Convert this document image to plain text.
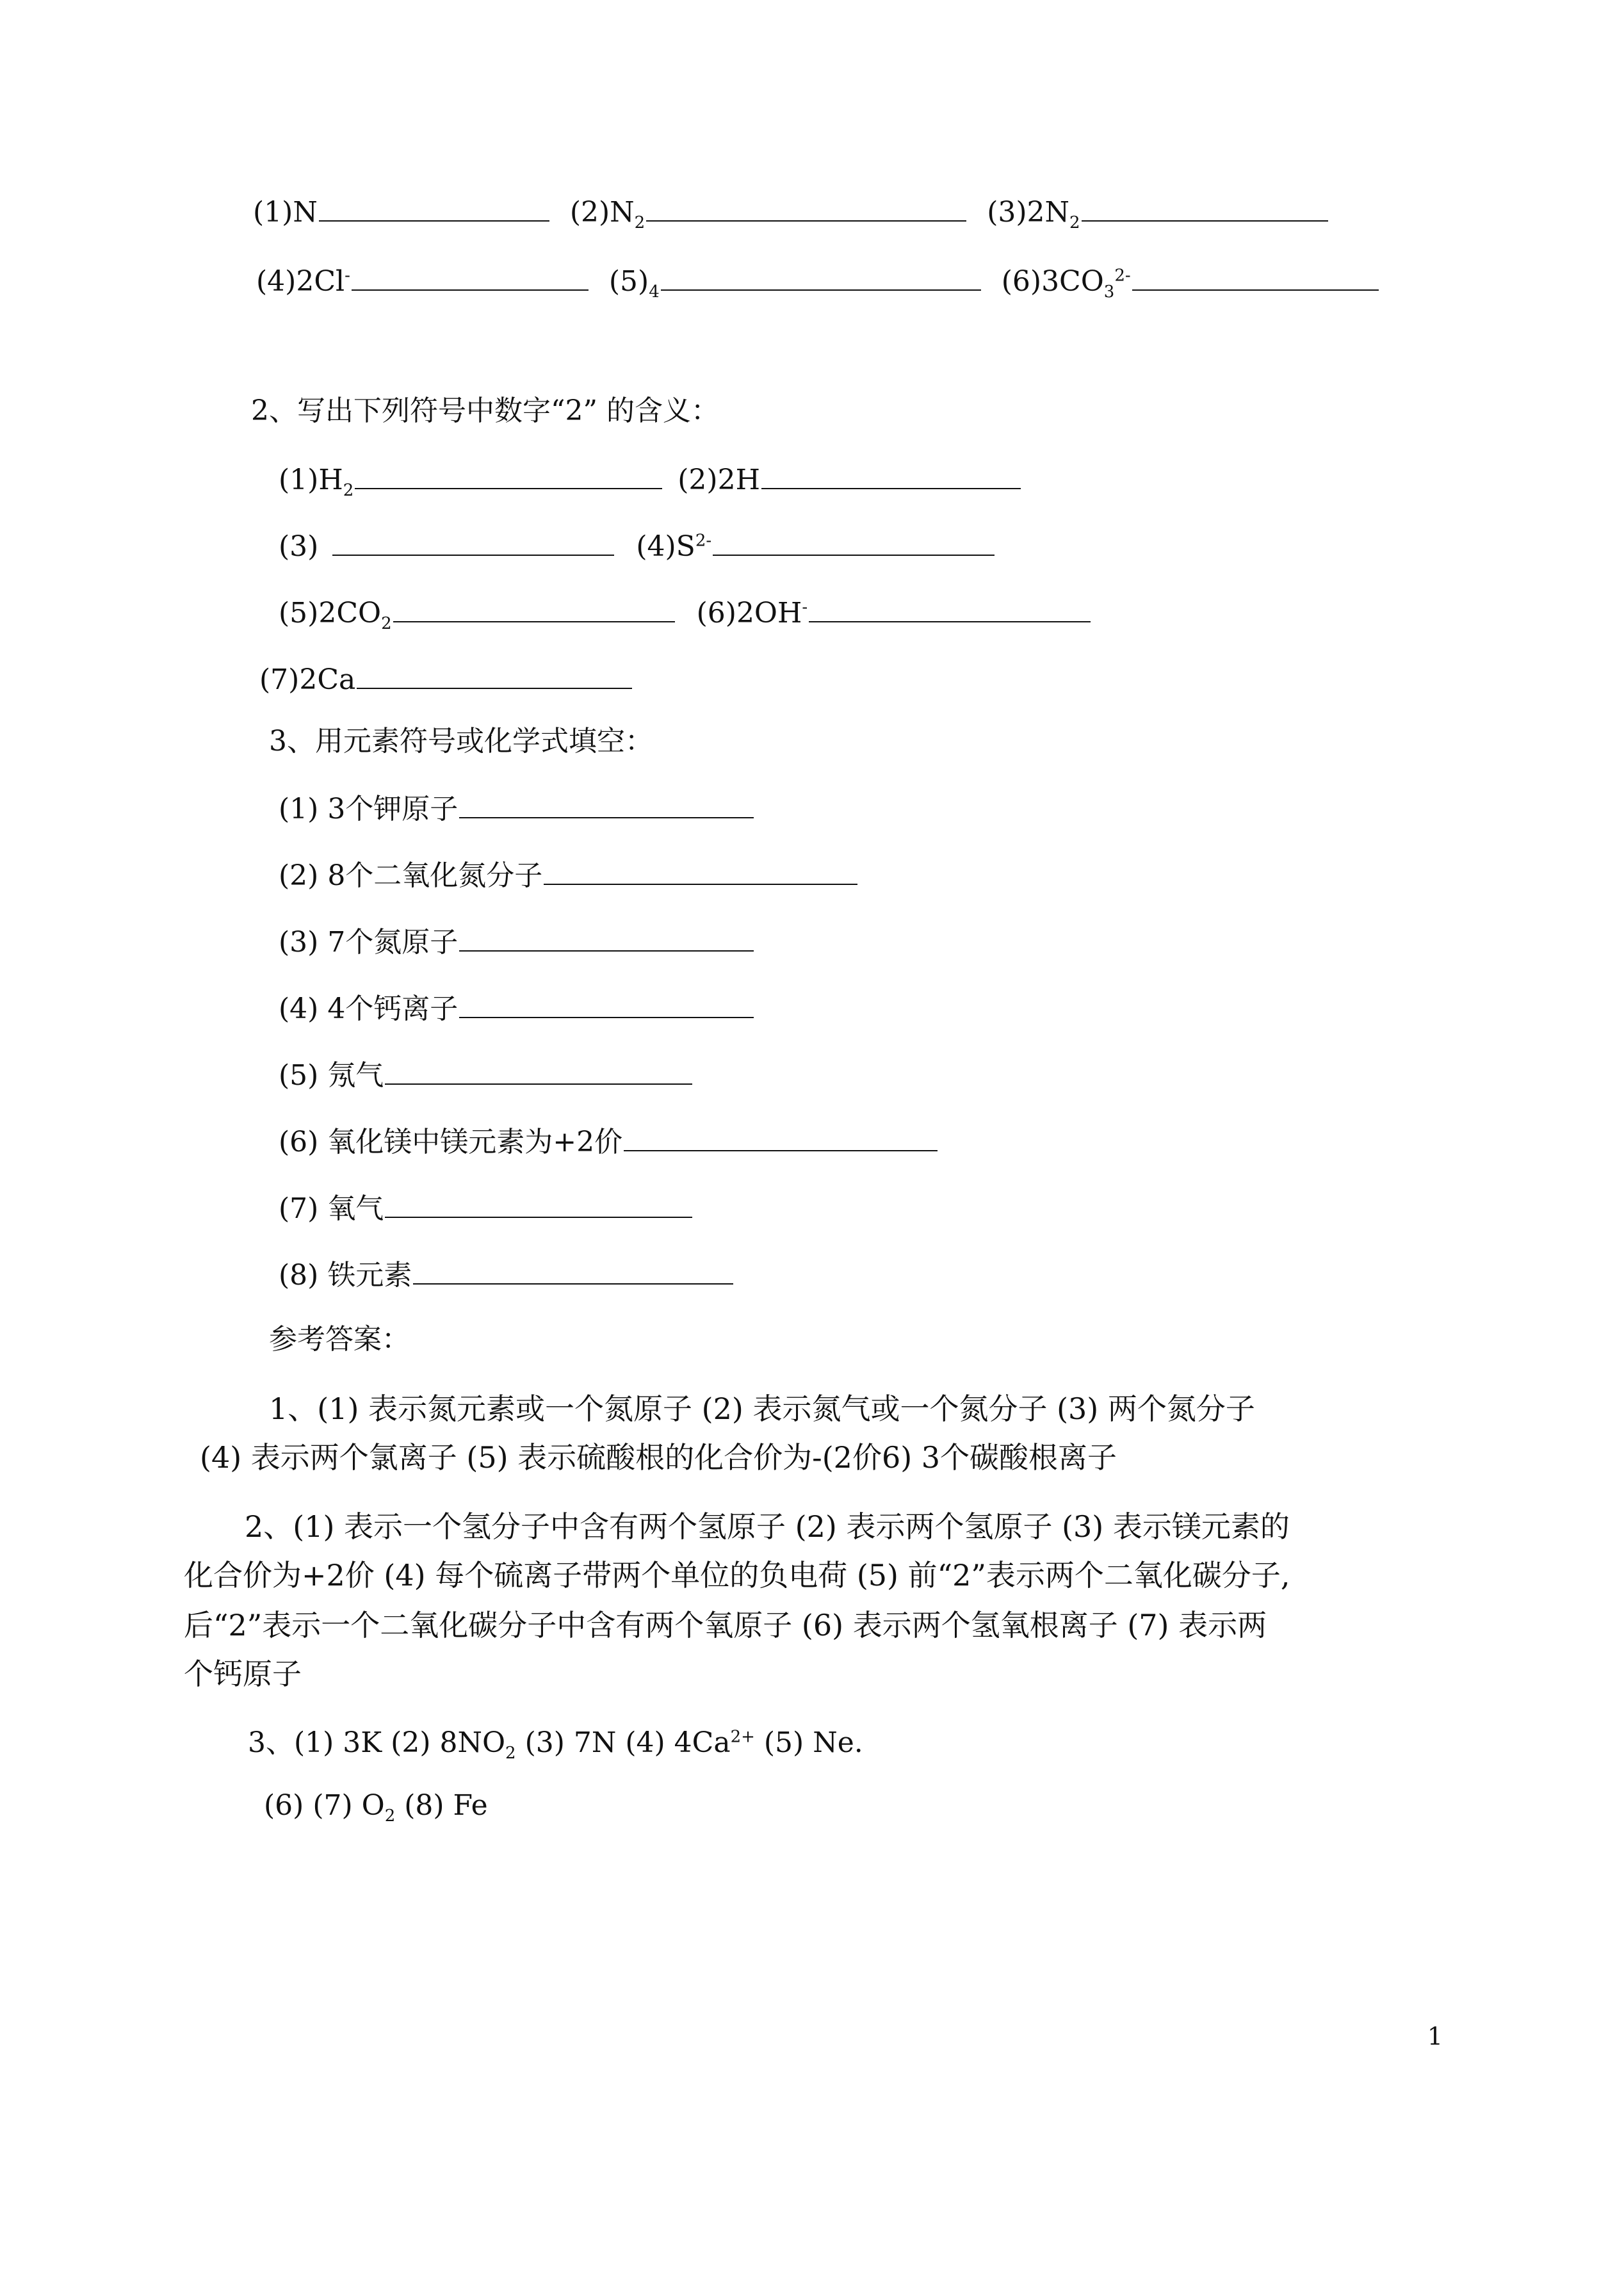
(1)N	$(2)N_2$	$(3)2N_2$
(4)2Cl-	$(5)_4$	$(6)3CO_3^{2-}$
2、写出下列符号中数字“2” 的含义：
$(1)H_2$	(2)2H
(3)	$(4)S^{2-}$
$(5)2CO_2$	(6)2OH-
(7)2Ca
3、用元素符号或化学式填空：
(1) 3个钾原子
(2) 8个二氧化氮分子
(3) 7个氮原子
(4) 4个钙离子
(5) 氖气
(6) 氧化镁中镁元素为+2价
(7) 氧气
(8) 铁元素
参考答案：
1、(1) 表示氮元素或一个氮原子 (2) 表示氮气或一个氮分子 (3) 两个氮分子
(4) 表示两个氯离子 (5) 表示硫酸根的化合价为-(2价6) 3个碳酸根离子
2、(1) 表示一个氢分子中含有两个氢原子 (2) 表示两个氢原子 (3) 表示镁元素的
化合价为+2价 (4) 每个硫离子带两个单位的负电荷 (5) 前“2”表示两个二氧化碳分子,
后“2”表示一个二氧化碳分子中含有两个氧原子 (6) 表示两个氢氧根离子 (7) 表示两
个钙原子
3、(1) 3K (2) $8NO_2$ (3) 7N (4) $4Ca^{2+}$ (5) Ne.
(6) (7) $O_2$ (8) Fe
1
